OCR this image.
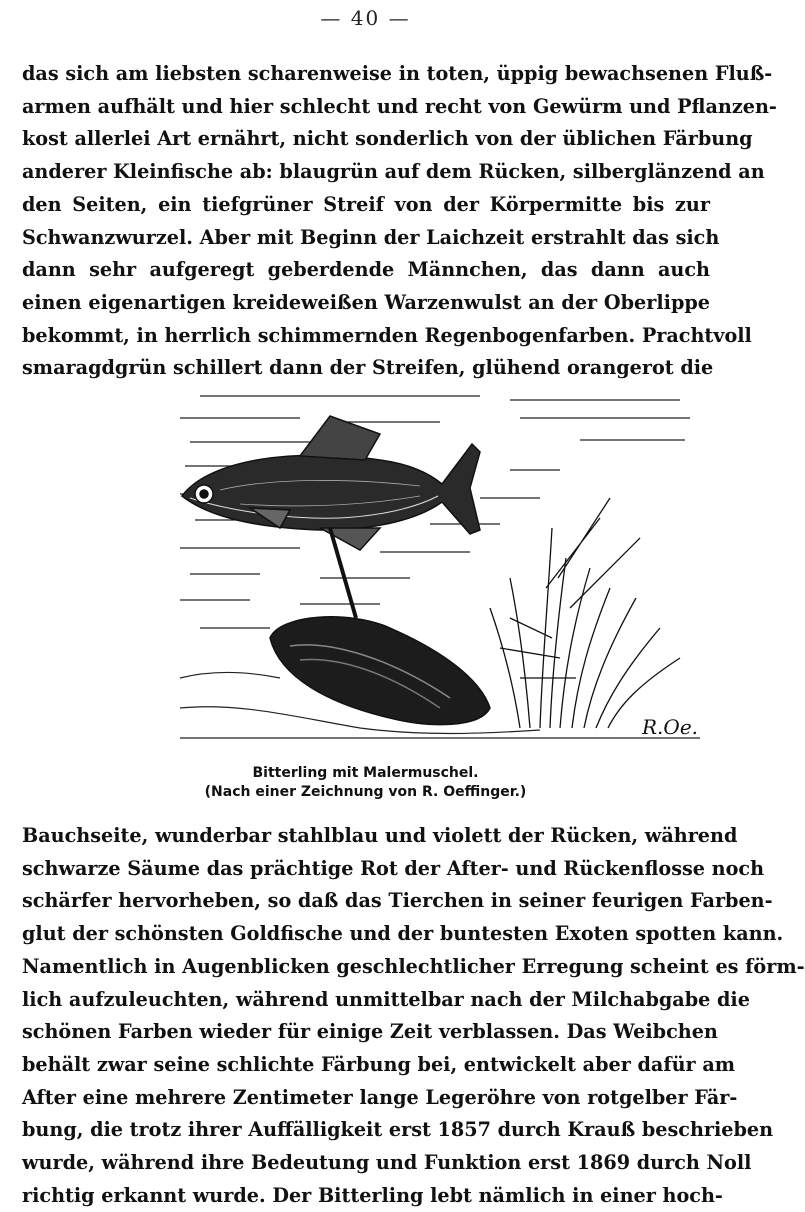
— 40 —
das sich am liebsten scharenweise in toten, üppig bewachsenen Fluß-
armen aufhält und hier schlecht und recht von Gewürm und Pflanzen-
kost allerlei Art ernährt, nicht sonderlich von der üblichen Färbung
anderer Kleinfische ab: blaugrün auf dem Rücken, silberglänzend an
den Seiten, ein tiefgrüner Streif von der Körpermitte bis zur
Schwanzwurzel. Aber mit Beginn der Laichzeit erstrahlt das sich
dann sehr aufgeregt geberdende Männchen, das dann auch
einen eigenartigen kreideweißen Warzenwulst an der Oberlippe
bekommt, in herrlich schimmernden Regenbogenfarben. Prachtvoll
smaragdgrün schillert dann der Streifen, glühend orangerot die
R.Oe.
Bitterling mit Malermuschel.
(Nach einer Zeichnung von R. Oeffinger.)
Bauchseite, wunderbar stahlblau und violett der Rücken, während
schwarze Säume das prächtige Rot der After- und Rückenflosse noch
schärfer hervorheben, so daß das Tierchen in seiner feurigen Farben-
glut der schönsten Goldfische und der buntesten Exoten spotten kann.
Namentlich in Augenblicken geschlechtlicher Erregung scheint es förm-
lich aufzuleuchten, während unmittelbar nach der Milchabgabe die
schönen Farben wieder für einige Zeit verblassen. Das Weibchen
behält zwar seine schlichte Färbung bei, entwickelt aber dafür am
After eine mehrere Zentimeter lange Legeröhre von rotgelber Fär-
bung, die trotz ihrer Auffälligkeit erst 1857 durch Krauß beschrieben
wurde, während ihre Bedeutung und Funktion erst 1869 durch Noll
richtig erkannt wurde. Der Bitterling lebt nämlich in einer hoch-
